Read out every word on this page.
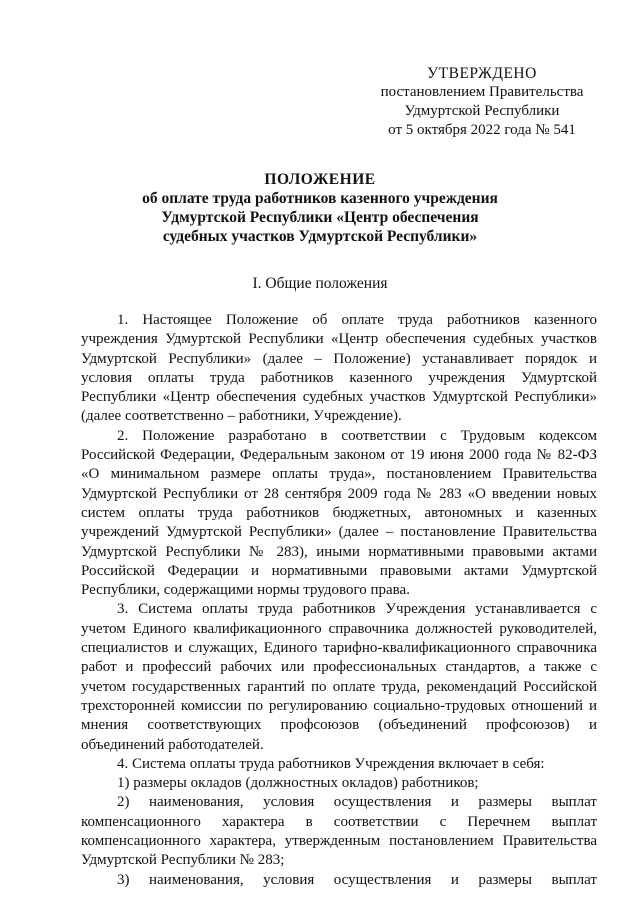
УТВЕРЖДЕНО
постановлением Правительства
Удмуртской Республики
от 5 октября 2022 года № 541
ПОЛОЖЕНИЕ
об оплате труда работников казенного учреждения
Удмуртской Республики «Центр обеспечения
судебных участков Удмуртской Республики»
I. Общие положения

1. Настоящее Положение об оплате труда работников казенного учреждения Удмуртской Республики «Центр обеспечения судебных участков Удмуртской Республики» (далее – Положение) устанавливает порядок и условия оплаты труда работников казенного учреждения Удмуртской Республики «Центр обеспечения судебных участков Удмуртской Республики» (далее соответственно – работники, Учреждение).

2. Положение разработано в соответствии с Трудовым кодексом Российской Федерации, Федеральным законом от 19 июня 2000 года № 82-ФЗ «О минимальном размере оплаты труда», постановлением Правительства Удмуртской Республики от 28 сентября 2009 года № 283 «О введении новых систем оплаты труда работников бюджетных, автономных и казенных учреждений Удмуртской Республики» (далее – постановление Правительства Удмуртской Республики № 283), иными нормативными правовыми актами Российской Федерации и нормативными правовыми актами Удмуртской Республики, содержащими нормы трудового права.

3. Система оплаты труда работников Учреждения устанавливается с учетом Единого квалификационного справочника должностей руководителей, специалистов и служащих, Единого тарифно-квалификационного справочника работ и профессий рабочих или профессиональных стандартов, а также с учетом государственных гарантий по оплате труда, рекомендаций Российской трехсторонней комиссии по регулированию социально-трудовых отношений и мнения соответствующих профсоюзов (объединений профсоюзов) и объединений работодателей.

4. Система оплаты труда работников Учреждения включает в себя:

1) размеры окладов (должностных окладов) работников;

2) наименования, условия осуществления и размеры выплат компенсационного характера в соответствии с Перечнем выплат компенсационного характера, утвержденным постановлением Правительства Удмуртской Республики № 283;

3) наименования, условия осуществления и размеры выплат
